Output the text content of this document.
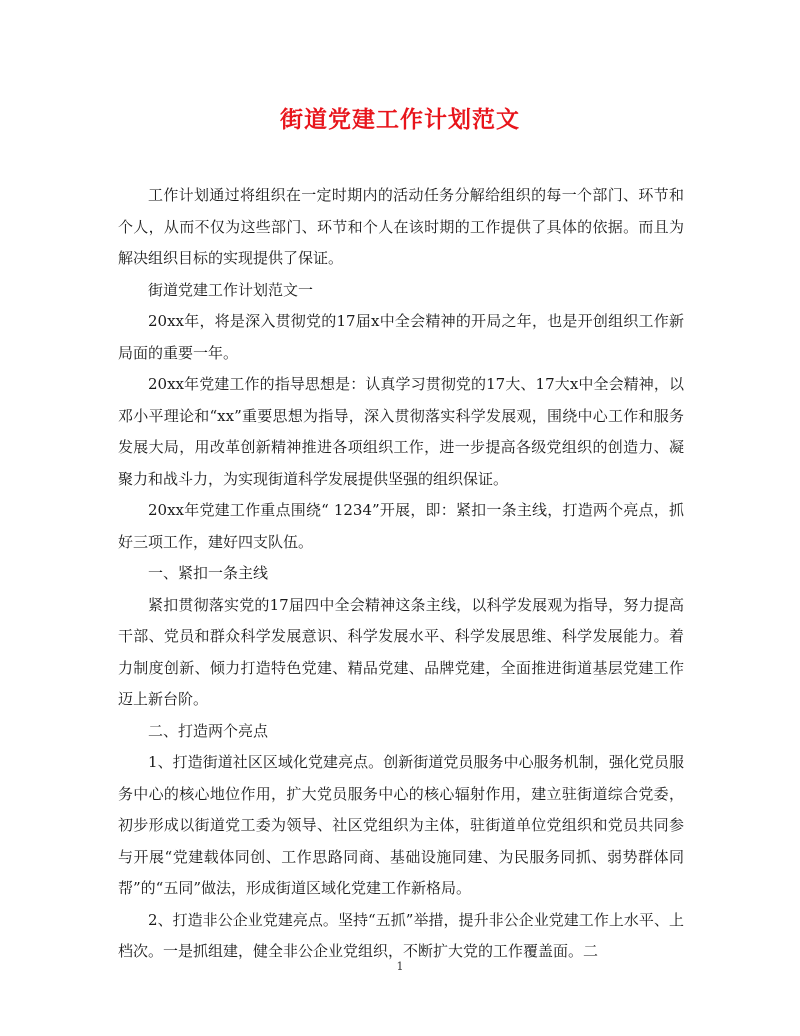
街道党建工作计划范文

工作计划通过将组织在一定时期内的活动任务分解给组织的每一个部门、环节和个人，从而不仅为这些部门、环节和个人在该时期的工作提供了具体的依据。而且为解决组织目标的实现提供了保证。

街道党建工作计划范文一

20xx年，将是深入贯彻党的17届x中全会精神的开局之年，也是开创组织工作新局面的重要一年。

20xx年党建工作的指导思想是：认真学习贯彻党的17大、17大x中全会精神，以邓小平理论和“xx”重要思想为指导，深入贯彻落实科学发展观，围绕中心工作和服务发展大局，用改革创新精神推进各项组织工作，进一步提高各级党组织的创造力、凝聚力和战斗力，为实现街道科学发展提供坚强的组织保证。

20xx年党建工作重点围绕“ 1234”开展，即：紧扣一条主线，打造两个亮点，抓好三项工作，建好四支队伍。

一、紧扣一条主线

紧扣贯彻落实党的17届四中全会精神这条主线，以科学发展观为指导，努力提高干部、党员和群众科学发展意识、科学发展水平、科学发展思维、科学发展能力。着力制度创新、倾力打造特色党建、精品党建、品牌党建，全面推进街道基层党建工作迈上新台阶。

二、打造两个亮点

1、打造街道社区区域化党建亮点。创新街道党员服务中心服务机制，强化党员服务中心的核心地位作用，扩大党员服务中心的核心辐射作用，建立驻街道综合党委，初步形成以街道党工委为领导、社区党组织为主体，驻街道单位党组织和党员共同参与开展“党建载体同创、工作思路同商、基础设施同建、为民服务同抓、弱势群体同帮”的“五同”做法，形成街道区域化党建工作新格局。

2、打造非公企业党建亮点。坚持“五抓”举措，提升非公企业党建工作上水平、上档次。一是抓组建，健全非公企业党组织，不断扩大党的工作覆盖面。二

1
